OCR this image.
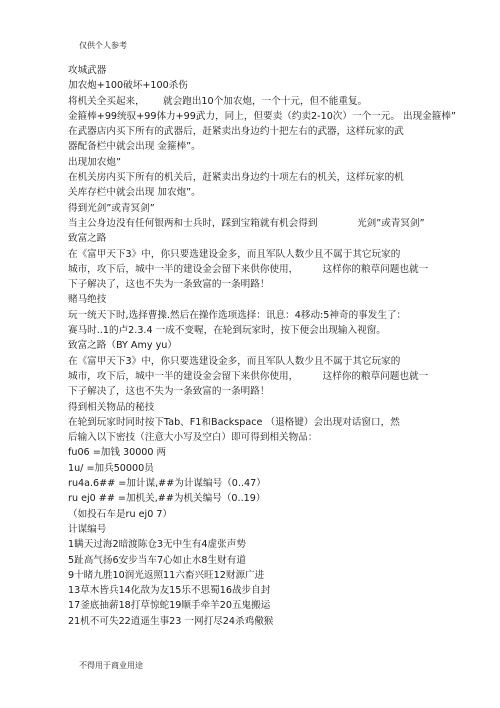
仅供个人参考
攻城武器
加农炮+100破坏+100杀伤
将机关全买起来，      就会跑出10个加农炮，一个十元，但不能重复。
金箍棒+99统驭+99体力+99武力，同上，但要卖（约卖2-10次）一个一元。 出现金箍棒”
在武器店内买下所有的武器后，赶紧卖出身边约十把左右的武器，这样玩家的武
器配备栏中就会出现 金箍棒”。
出现加农炮”
在机关房内买下所有的机关后，赶紧卖出身边约十项左右的机关，这样玩家的机
关库存栏中就会出现 加农炮”。
得到光剑”或青冥剑”
当主公身边没有任何银两和士兵时，踩到宝箱就有机会得到             光剑”或青冥剑”
致富之路
在《富甲天下3》中，你只要选建设金多，而且军队人数少且不属于其它玩家的
城市，攻下后，城中一半的建设金会留下来供你使用，        这样你的粮草问题也就一
下子解决了，这也不失为一条致富的一条明路！
赌马绝技
玩一统天下时,选择曹操.然后在操作选项选择：讯息：4移动:5神奇的事发生了：
赛马时..1的卢2.3.4 一成不变喔，在轮到玩家时，按下便会出现输入视窗。
致富之路（BY Amy yu）
在《富甲天下3》中，你只要选建设金多，而且军队人数少且不属于其它玩家的
城市，攻下后，城中一半的建设金会留下来供你使用，        这样你的粮草问题也就一
下子解决了，这也不失为一条致富的一条明路！
得到相关物品的秘技
在轮到玩家时同时按下Tab、F1和Backspace （退格键）会出现对话窗口，然
后输入以下密技（注意大小写及空白）即可得到相关物品：
fu06 =加钱 30000 两
1u/ =加兵50000员
ru4a.6## =加计谋,##为计谋编号（0..47）
ru ej0 ## =加机关,##为机关编号（0..19）
（如投石车是ru ej0 7）
计谋编号
1瞒天过海2暗渡陈仓3无中生有4虚张声势
5趾高气扬6安步当车7心如止水8生财有道
9十睹九胜10润光返照11六畜兴旺12财源广进
13草木皆兵14化敌为友15乐不思蜀16战步自封
17釜底抽薪18打草惊蛇19顺手牵羊20五鬼搬运
21机不可失22逍遥生事23 一网打尽24杀鸡儆猴
不得用于商业用途
